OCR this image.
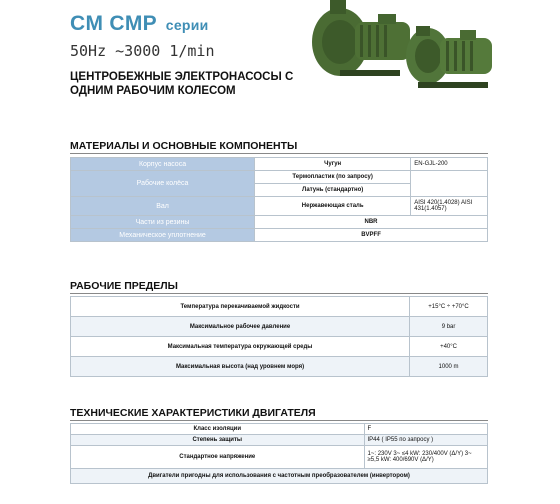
CM CMP серии
50Hz ~3000 1/min
ЦЕНТРОБЕЖНЫЕ ЭЛЕКТРОНАСОСЫ С ОДНИМ РАБОЧИМ КОЛЕСОМ
МАТЕРИАЛЫ И ОСНОВНЫЕ КОМПОНЕНТЫ
Корпус насоса	Чугун	EN-GJL-200
Рабочие колёса	Термопластик (по запросу)	
	Латунь (стандартно)	
Вал	Нержавеющая сталь	AISI 420(1.4028) AISI 431(1.4057)
Части из резины	NBR	
Механическое уплотнение	BVPFF	
РАБОЧИЕ ПРЕДЕЛЫ
Температура перекачиваемой жидкости	+15°C ÷ +70°C
Максимальное рабочее давление	9 bar
Максимальная температура окружающей среды	+40°C
Максимальная высота (над уровнем моря)	1000 m
ТЕХНИЧЕСКИЕ ХАРАКТЕРИСТИКИ ДВИГАТЕЛЯ
Класс изоляции	F
Степень защиты	IP44 ( IP55 по запросу )
Стандартное напряжение	1~: 230V 3~ ≤4 kW: 230/400V (Δ/Y) 3~ ≥5,5 kW: 400/690V (Δ/Y)
Двигатели пригодны для использования с частотным преобразователем (инвертором)	
